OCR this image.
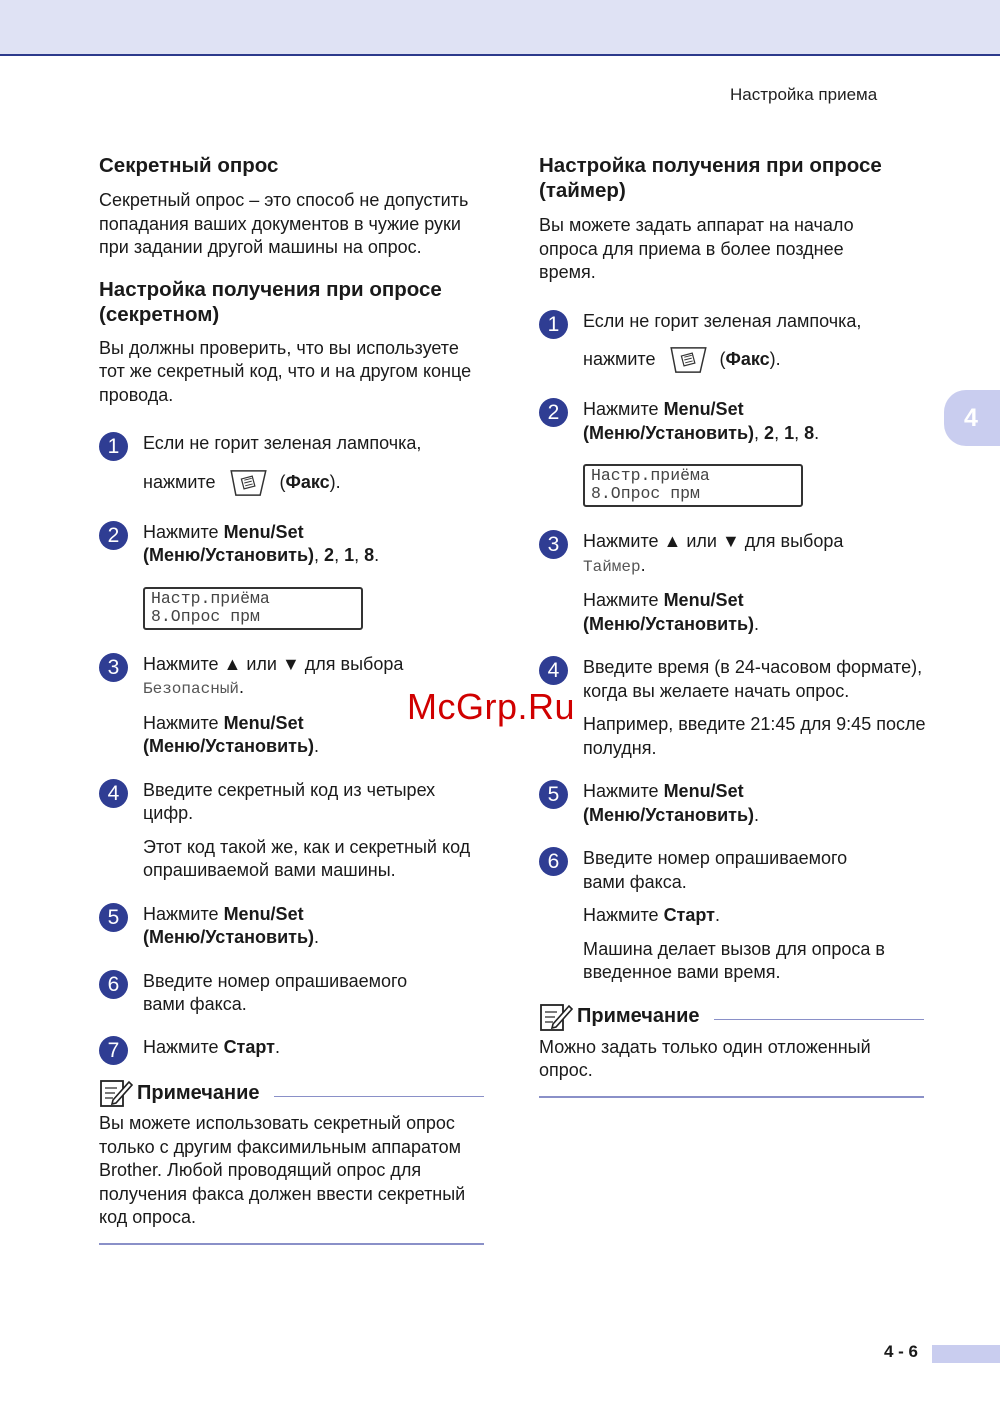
Настройка приема
4
Секретный опрос

Секретный опрос – это способ не допустить попадания ваших документов в чужие руки при задании другой машины на опрос.

Настройка получения при опросе (секретном)

Вы должны проверить, что вы используете тот же секретный код, что и на другом конце провода.

1	Если не горит зеленая лампочка,

нажмите	(Факс).

2	Нажмите Menu/Set
(Меню/Установить), 2, 1, 8.

Настр.приёма
8.Опрос прм
3	Нажмите ▲ или ▼ для выбора

Безопасный.

Нажмите Menu/Set
(Меню/Установить).

4	Введите секретный код из четырех цифр.

Этот код такой же, как и секретный код опрашиваемой вами машины.

5	Нажмите Menu/Set
(Меню/Установить).

6	Введите номер опрашиваемого вами факса.

7	Нажмите Старт.

Примечание

Вы можете использовать секретный опрос только с другим факсимильным аппаратом Brother. Любой проводящий опрос для получения факса должен ввести секретный код опроса.

Настройка получения при опросе (таймер)

Вы можете задать аппарат на начало опроса для приема в более позднее время.

1	Если не горит зеленая лампочка,

нажмите	(Факс).

2	Нажмите Menu/Set
(Меню/Установить), 2, 1, 8.

Настр.приёма
8.Опрос прм
3	Нажмите ▲ или ▼ для выбора

Таймер.

Нажмите Menu/Set
(Меню/Установить).

4	Введите время (в 24-часовом формате), когда вы желаете начать опрос.

Например, введите 21:45 для 9:45 после полудня.

5	Нажмите Menu/Set
(Меню/Установить).

6	Введите номер опрашиваемого вами факса.

Нажмите Старт.

Машина делает вызов для опроса в введенное вами время.

Примечание

Можно задать только один отложенный опрос.

McGrp.Ru
4 - 6
